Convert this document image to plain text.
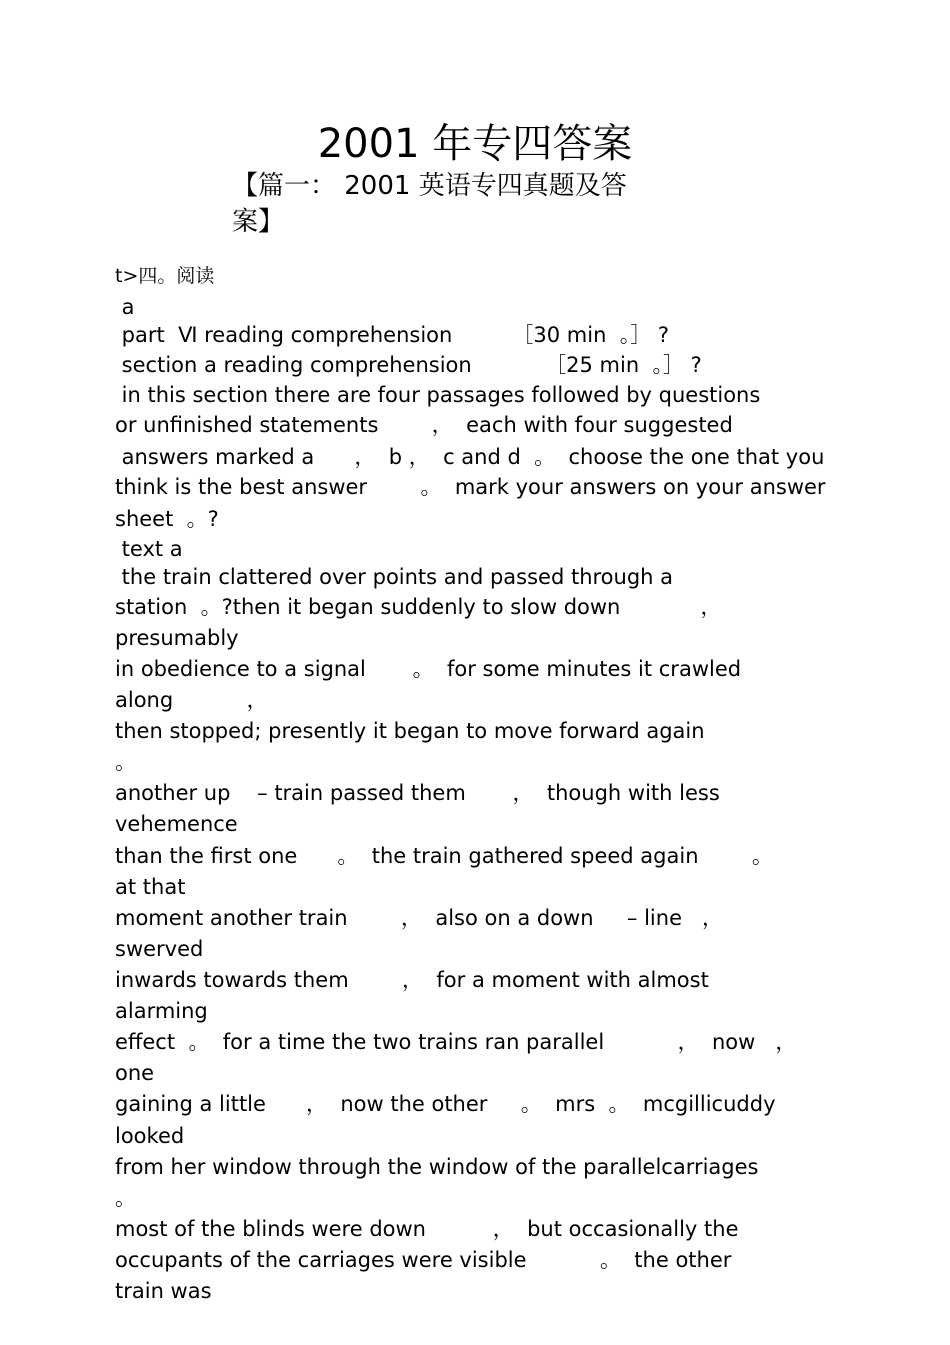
2001 年专四答案
【篇一： 2001 英语专四真题及答
案】
t>四。阅读
a
part  Ⅵ reading comprehension         ［30 min  。］ ?
section a reading comprehension           ［25 min  。］ ?
in this section there are four passages followed by questions
or unfinished statements        ，  each with four suggested
answers marked a      ，  b ，  c and d  。  choose the one that you
think is the best answer        。  mark your answers on your answer
sheet  。?
text a
the train clattered over points and passed through a
station  。?then it began suddenly to slow down            ，
presumably
in obedience to a signal       。  for some minutes it crawled
along           ，
then stopped; presently it began to move forward again
。
another up    – train passed them       ，  though with less
vehemence
than the first one      。  the train gathered speed again        。
at that
moment another train        ，  also on a down     – line   ，
swerved
inwards towards them        ，  for a moment with almost
alarming
effect  。  for a time the two trains ran parallel           ，  now   ，
one
gaining a little      ，  now the other     。  mrs  。  mcgillicuddy
looked
from her window through the window of the parallelcarriages
。
most of the blinds were down          ，  but occasionally the
occupants of the carriages were visible           。  the other
train was
